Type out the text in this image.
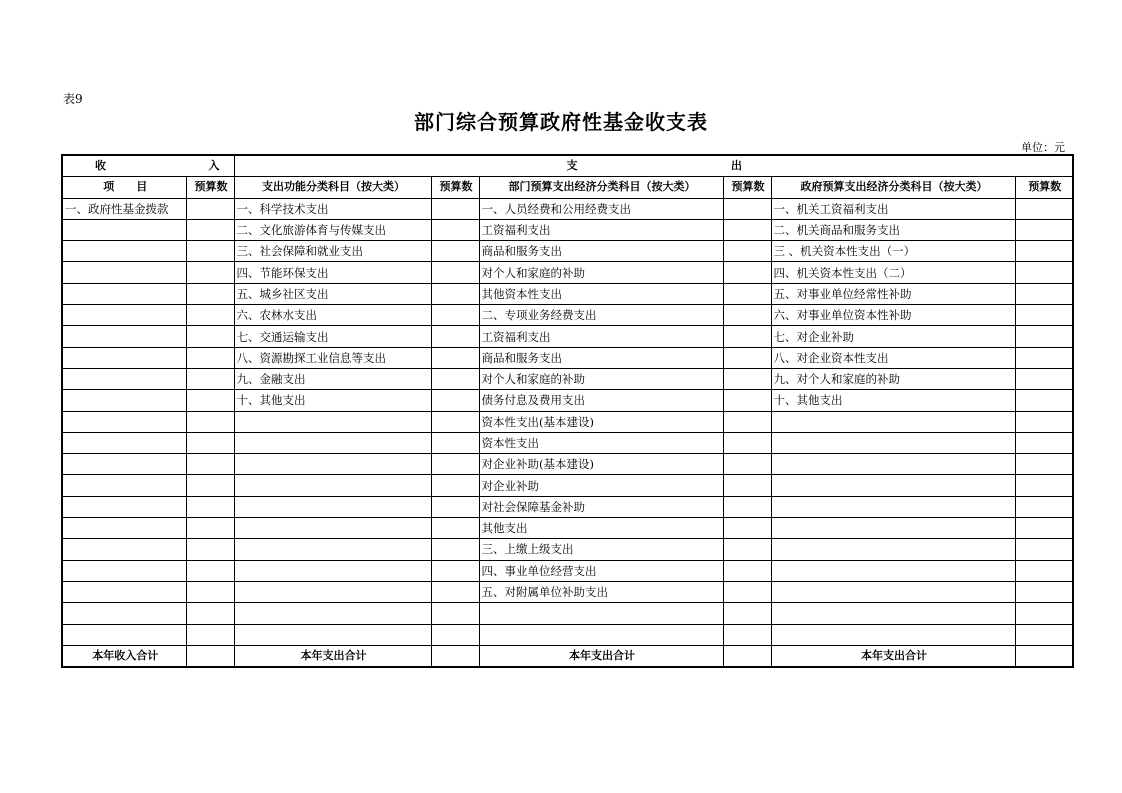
表9
部门综合预算政府性基金收支表
单位：元
收 入		支 出					

项　　目	预算数	支出功能分类科目（按大类）	预算数	部门预算支出经济分类科目（按大类）	预算数	政府预算支出经济分类科目（按大类）	预算数
一、政府性基金拨款		一、科学技术支出		一、人员经费和公用经费支出		一、机关工资福利支出	
		二、文化旅游体育与传媒支出		工资福利支出		二、机关商品和服务支出	
		三、社会保障和就业支出		商品和服务支出		三 、机关资本性支出（一）	
		四、节能环保支出		对个人和家庭的补助		四、机关资本性支出（二）	
		五、城乡社区支出		其他资本性支出		五、对事业单位经常性补助	
		六、农林水支出		二、专项业务经费支出		六、对事业单位资本性补助	
		七、交通运输支出		工资福利支出		七、对企业补助	
		八、资源勘探工业信息等支出		商品和服务支出		八、对企业资本性支出	
		九、金融支出		对个人和家庭的补助		九、对个人和家庭的补助	
		十、其他支出		债务付息及费用支出		十、其他支出	
				资本性支出(基本建设)			
				资本性支出			
				对企业补助(基本建设)			
				对企业补助			
				对社会保障基金补助			
				其他支出			
				三、上缴上级支出			
				四、事业单位经营支出			
				五、对附属单位补助支出			

本年收入合计		本年支出合计		本年支出合计		本年支出合计	
